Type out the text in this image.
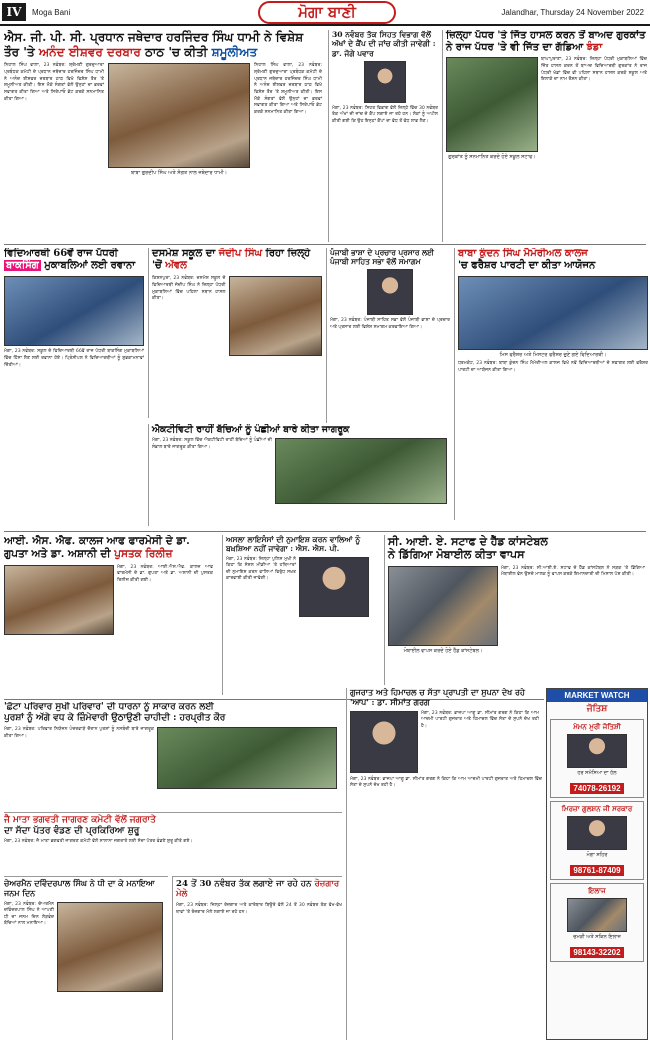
IV	Moga Bani	ਮੋਗਾ ਬਾਣੀ	Jalandhar, Thursday 24 November 2022
ਐਸ. ਜੀ. ਪੀ. ਸੀ. ਪ੍ਰਧਾਨ ਜਥੇਦਾਰ ਹਰਜਿੰਦਰ ਸਿੰਘ ਧਾਮੀ ਨੇ ਵਿਸ਼ੇਸ਼
ਤੌਰ 'ਤੇ ਅਨੰਦ ਈਸ਼ਵਰ ਦਰਬਾਰ ਠਾਠ 'ਚ ਕੀਤੀ ਸ਼ਮੂਲੀਅਤ
ਨਿਹਾਲ ਸਿੰਘ ਵਾਲਾ, 23 ਨਵੰਬਰ: ਸ਼੍ਰੋਮਣੀ ਗੁਰਦੁਆਰਾ ਪ੍ਰਬੰਧਕ ਕਮੇਟੀ ਦੇ ਪ੍ਰਧਾਨ ਜਥੇਦਾਰ ਹਰਜਿੰਦਰ ਸਿੰਘ ਧਾਮੀ ਨੇ ਅਨੰਦ ਈਸ਼ਵਰ ਦਰਬਾਰ ਠਾਠ ਵਿਖੇ ਵਿਸ਼ੇਸ਼ ਤੌਰ 'ਤੇ ਸ਼ਮੂਲੀਅਤ ਕੀਤੀ। ਇਸ ਮੌਕੇ ਸੰਗਤਾਂ ਵੱਲੋਂ ਉਨ੍ਹਾਂ ਦਾ ਭਰਵਾਂ ਸਵਾਗਤ ਕੀਤਾ ਗਿਆ ਅਤੇ ਸਿਰੋਪਾਓ ਭੇਟ ਕਰਕੇ ਸਨਮਾਨਿਤ ਕੀਤਾ ਗਿਆ।
ਬਾਬਾ ਗੁਰਦੀਪ ਸਿੰਘ ਅਤੇ ਸੰਗਤ ਨਾਲ ਜਥੇਦਾਰ ਧਾਮੀ।
ਨਿਹਾਲ ਸਿੰਘ ਵਾਲਾ, 23 ਨਵੰਬਰ: ਸ਼੍ਰੋਮਣੀ ਗੁਰਦੁਆਰਾ ਪ੍ਰਬੰਧਕ ਕਮੇਟੀ ਦੇ ਪ੍ਰਧਾਨ ਜਥੇਦਾਰ ਹਰਜਿੰਦਰ ਸਿੰਘ ਧਾਮੀ ਨੇ ਅਨੰਦ ਈਸ਼ਵਰ ਦਰਬਾਰ ਠਾਠ ਵਿਖੇ ਵਿਸ਼ੇਸ਼ ਤੌਰ 'ਤੇ ਸ਼ਮੂਲੀਅਤ ਕੀਤੀ। ਇਸ ਮੌਕੇ ਸੰਗਤਾਂ ਵੱਲੋਂ ਉਨ੍ਹਾਂ ਦਾ ਭਰਵਾਂ ਸਵਾਗਤ ਕੀਤਾ ਗਿਆ ਅਤੇ ਸਿਰੋਪਾਓ ਭੇਟ ਕਰਕੇ ਸਨਮਾਨਿਤ ਕੀਤਾ ਗਿਆ।
30 ਨਵੰਬਰ ਤੱਕ ਸਿਹਤ ਵਿਭਾਗ ਵੱਲੋਂ ਅੱਖਾਂ ਦੇ ਕੈਂਪ ਦੀ ਜਾਂਚ ਕੀਤੀ ਜਾਵੇਗੀ : ਡਾ. ਜੋਗੇ ਪਵਾਰ
ਮੋਗਾ, 23 ਨਵੰਬਰ: ਸਿਹਤ ਵਿਭਾਗ ਵੱਲੋਂ ਜ਼ਿਲ੍ਹੇ ਵਿੱਚ 30 ਨਵੰਬਰ ਤੱਕ ਅੱਖਾਂ ਦੀ ਜਾਂਚ ਦੇ ਕੈਂਪ ਲਗਾਏ ਜਾ ਰਹੇ ਹਨ। ਲੋਕਾਂ ਨੂੰ ਅਪੀਲ ਕੀਤੀ ਗਈ ਕਿ ਉਹ ਇਨ੍ਹਾਂ ਕੈਂਪਾਂ ਦਾ ਵੱਧ ਤੋਂ ਵੱਧ ਲਾਭ ਲੈਣ।
ਜ਼ਿਲ੍ਹਾ ਪੱਧਰ 'ਤੇ ਜਿੱਤ ਹਾਸਲ ਕਰਨ ਤੋਂ ਬਾਅਦ ਗੁਰਕਾਂਤ
ਨੇ ਰਾਜ ਪੱਧਰ 'ਤੇ ਵੀ ਜਿੱਤ ਦਾ ਗੱਡਿਆ ਝੰਡਾ
ਗੁਰਕਾਂਤ ਨੂੰ ਸਨਮਾਨਿਤ ਕਰਦੇ ਹੋਏ ਸਕੂਲ ਸਟਾਫ।
ਬਾਘਾਪੁਰਾਣਾ, 23 ਨਵੰਬਰ: ਜ਼ਿਲ੍ਹਾ ਪੱਧਰੀ ਮੁਕਾਬਲਿਆਂ ਵਿੱਚ ਜਿੱਤ ਹਾਸਲ ਕਰਨ ਤੋਂ ਬਾਅਦ ਵਿਦਿਆਰਥੀ ਗੁਰਕਾਂਤ ਨੇ ਰਾਜ ਪੱਧਰੀ ਖੇਡਾਂ ਵਿੱਚ ਵੀ ਪਹਿਲਾ ਸਥਾਨ ਹਾਸਲ ਕਰਕੇ ਸਕੂਲ ਅਤੇ ਇਲਾਕੇ ਦਾ ਨਾਮ ਰੌਸ਼ਨ ਕੀਤਾ।
ਵਿਦਿਆਰਥੀ 66ਵੇਂ ਰਾਜ ਪੱਧਰੀ
ਬਾਕਸਿੰਗ ਮੁਕਾਬਲਿਆਂ ਲਈ ਰਵਾਨਾ
ਮੋਗਾ, 23 ਨਵੰਬਰ: ਸਕੂਲ ਦੇ ਵਿਦਿਆਰਥੀ 66ਵੇਂ ਰਾਜ ਪੱਧਰੀ ਬਾਕਸਿੰਗ ਮੁਕਾਬਲਿਆਂ ਵਿੱਚ ਹਿੱਸਾ ਲੈਣ ਲਈ ਰਵਾਨਾ ਹੋਏ। ਪ੍ਰਿੰਸੀਪਲ ਨੇ ਵਿਦਿਆਰਥੀਆਂ ਨੂੰ ਸ਼ੁਭਕਾਮਨਾਵਾਂ ਦਿੱਤੀਆਂ।
ਦਸਮੇਸ਼ ਸਕੂਲ ਦਾ ਜੋਦੀਪ ਸਿੰਘ ਰਿਹਾ ਜ਼ਿਲ੍ਹੇ 'ਚੋਂ ਅੱਵਲ
ਕਿਸ਼ਨਪੁਰਾ, 23 ਨਵੰਬਰ: ਦਸਮੇਸ਼ ਸਕੂਲ ਦੇ ਵਿਦਿਆਰਥੀ ਜੋਦੀਪ ਸਿੰਘ ਨੇ ਜ਼ਿਲ੍ਹਾ ਪੱਧਰੀ ਮੁਕਾਬਲਿਆਂ ਵਿੱਚ ਪਹਿਲਾ ਸਥਾਨ ਹਾਸਲ ਕੀਤਾ।
ਪੰਜਾਬੀ ਭਾਸ਼ਾ ਦੇ ਪ੍ਰਚਾਰ ਪ੍ਰਸਾਰ ਲਈ ਪੰਜਾਬੀ ਸਾਹਿਤ ਸਭਾ ਵੱਲੋਂ ਸਮਾਗਮ
ਮੋਗਾ, 23 ਨਵੰਬਰ: ਪੰਜਾਬੀ ਸਾਹਿਤ ਸਭਾ ਵੱਲੋਂ ਪੰਜਾਬੀ ਭਾਸ਼ਾ ਦੇ ਪ੍ਰਚਾਰ ਅਤੇ ਪ੍ਰਸਾਰ ਲਈ ਵਿਸ਼ੇਸ਼ ਸਮਾਗਮ ਕਰਵਾਇਆ ਗਿਆ।
ਬਾਬਾ ਕੁੰਦਨ ਸਿੰਘ ਮੈਮੋਰੀਅਲ ਕਾਲਜ
'ਚ ਫਰੈਸ਼ਰ ਪਾਰਟੀ ਦਾ ਕੀਤਾ ਆਯੋਜਨ
ਮਿਸ ਫਰੈਸ਼ਰ ਅਤੇ ਮਿਸਟਰ ਫਰੈਸ਼ਰ ਚੁਣੇ ਗਏ ਵਿਦਿਆਰਥੀ।
ਧਰਮਕੋਟ, 23 ਨਵੰਬਰ: ਬਾਬਾ ਕੁੰਦਨ ਸਿੰਘ ਮੈਮੋਰੀਅਲ ਕਾਲਜ ਵਿਖੇ ਨਵੇਂ ਵਿਦਿਆਰਥੀਆਂ ਦੇ ਸਵਾਗਤ ਲਈ ਫਰੈਸ਼ਰ ਪਾਰਟੀ ਦਾ ਆਯੋਜਨ ਕੀਤਾ ਗਿਆ।
ਐਕਟੀਵਿਟੀ ਰਾਹੀਂ ਬੱਚਿਆਂ ਨੂੰ ਪੰਛੀਆਂ ਬਾਰੇ ਕੀਤਾ ਜਾਗਰੂਕ
ਮੋਗਾ, 23 ਨਵੰਬਰ: ਸਕੂਲ ਵਿੱਚ ਐਕਟੀਵਿਟੀ ਰਾਹੀਂ ਬੱਚਿਆਂ ਨੂੰ ਪੰਛੀਆਂ ਦੀ ਸੰਭਾਲ ਬਾਰੇ ਜਾਗਰੂਕ ਕੀਤਾ ਗਿਆ।
ਆਈ. ਐਸ. ਐਫ. ਕਾਲਜ ਆਫ ਫਾਰਮੇਸੀ ਦੇ ਡਾ.
ਗੁਪਤਾ ਅਤੇ ਡਾ. ਅਸ਼ਾਨੀ ਦੀ ਪੁਸਤਕ ਰਿਲੀਜ਼
ਮੋਗਾ, 23 ਨਵੰਬਰ: ਆਈ.ਐਸ.ਐਫ. ਕਾਲਜ ਆਫ ਫਾਰਮੇਸੀ ਦੇ ਡਾ. ਗੁਪਤਾ ਅਤੇ ਡਾ. ਅਸ਼ਾਨੀ ਦੀ ਪੁਸਤਕ ਰਿਲੀਜ਼ ਕੀਤੀ ਗਈ।
ਅਸਲਾ ਲਾਇਸੰਸਾਂ ਦੀ ਨੁਮਾਇਸ਼ ਕਰਨ ਵਾਲਿਆਂ ਨੂੰ ਬਖ਼ਸ਼ਿਆ ਨਹੀਂ ਜਾਵੇਗਾ : ਐਸ. ਐਸ. ਪੀ.
ਮੋਗਾ, 23 ਨਵੰਬਰ: ਜ਼ਿਲ੍ਹਾ ਪੁਲਿਸ ਮੁਖੀ ਨੇ ਕਿਹਾ ਕਿ ਸੋਸ਼ਲ ਮੀਡੀਆ 'ਤੇ ਹਥਿਆਰਾਂ ਦੀ ਨੁਮਾਇਸ਼ ਕਰਨ ਵਾਲਿਆਂ ਵਿਰੁੱਧ ਸਖ਼ਤ ਕਾਰਵਾਈ ਕੀਤੀ ਜਾਵੇਗੀ।
ਸੀ. ਆਈ. ਏ. ਸਟਾਫ ਦੇ ਹੈੱਡ ਕਾਂਸਟੇਬਲ
ਨੇ ਡਿੱਗਿਆ ਮੋਬਾਈਲ ਕੀਤਾ ਵਾਪਸ
ਮੋਬਾਈਲ ਵਾਪਸ ਕਰਦੇ ਹੋਏ ਹੈੱਡ ਕਾਂਸਟੇਬਲ।
ਮੋਗਾ, 23 ਨਵੰਬਰ: ਸੀ.ਆਈ.ਏ. ਸਟਾਫ ਦੇ ਹੈੱਡ ਕਾਂਸਟੇਬਲ ਨੇ ਸੜਕ 'ਤੇ ਡਿੱਗਿਆ ਮੋਬਾਈਲ ਫੋਨ ਉਸਦੇ ਮਾਲਕ ਨੂੰ ਵਾਪਸ ਕਰਕੇ ਇਮਾਨਦਾਰੀ ਦੀ ਮਿਸਾਲ ਪੇਸ਼ ਕੀਤੀ।
'ਛੋਟਾ ਪਰਿਵਾਰ ਸੁਖੀ ਪਰਿਵਾਰ' ਦੀ ਧਾਰਨਾ ਨੂੰ ਸਾਕਾਰ ਕਰਨ ਲਈ
ਪੁਰਸ਼ਾਂ ਨੂੰ ਅੱਗੇ ਵਧ ਕੇ ਜ਼ਿੰਮੇਵਾਰੀ ਉਠਾਉਣੀ ਚਾਹੀਦੀ : ਹਰਪ੍ਰੀਤ ਕੌਰ
ਮੋਗਾ, 23 ਨਵੰਬਰ: ਪਰਿਵਾਰ ਨਿਯੋਜਨ ਪੰਦਰਵਾੜੇ ਦੌਰਾਨ ਪੁਰਸ਼ਾਂ ਨੂੰ ਨਸਬੰਦੀ ਬਾਰੇ ਜਾਗਰੂਕ ਕੀਤਾ ਗਿਆ।
ਗੁਜਰਾਤ ਅਤੇ ਹਿਮਾਚਲ ਚ ਸੱਤਾ ਪ੍ਰਾਪਤੀ ਦਾ ਸੁਪਨਾ ਦੇਖ ਰਹੇ 'ਆਪ' : ਡਾ. ਸੀਮਾਂਤ ਗਰਗ
ਮੋਗਾ, 23 ਨਵੰਬਰ: ਭਾਜਪਾ ਆਗੂ ਡਾ. ਸੀਮਾਂਤ ਗਰਗ ਨੇ ਕਿਹਾ ਕਿ ਆਮ ਆਦਮੀ ਪਾਰਟੀ ਗੁਜਰਾਤ ਅਤੇ ਹਿਮਾਚਲ ਵਿੱਚ ਸੱਤਾ ਦੇ ਸੁਪਨੇ ਦੇਖ ਰਹੀ ਹੈ।
ਮੋਗਾ, 23 ਨਵੰਬਰ: ਭਾਜਪਾ ਆਗੂ ਡਾ. ਸੀਮਾਂਤ ਗਰਗ ਨੇ ਕਿਹਾ ਕਿ ਆਮ ਆਦਮੀ ਪਾਰਟੀ ਗੁਜਰਾਤ ਅਤੇ ਹਿਮਾਚਲ ਵਿੱਚ ਸੱਤਾ ਦੇ ਸੁਪਨੇ ਦੇਖ ਰਹੀ ਹੈ।
ਜੈ ਮਾਤਾ ਭਗਵਤੀ ਜਾਗਰਣ ਕਮੇਟੀ ਵੱਲੋਂ ਜਗਰਾਤੇ
ਦਾ ਸੱਦਾ ਪੱਤਰ ਵੰਡਣ ਦੀ ਪ੍ਰਕਿਰਿਆ ਸ਼ੁਰੂ
ਮੋਗਾ, 23 ਨਵੰਬਰ: ਜੈ ਮਾਤਾ ਭਗਵਤੀ ਜਾਗਰਣ ਕਮੇਟੀ ਵੱਲੋਂ ਸਾਲਾਨਾ ਜਗਰਾਤੇ ਲਈ ਸੱਦਾ ਪੱਤਰ ਵੰਡਣੇ ਸ਼ੁਰੂ ਕੀਤੇ ਗਏ।
ਚੇਅਰਮੈਨ ਦਵਿੰਦਰਪਾਲ ਸਿੰਘ ਨੇ ਧੀ ਦਾ ਕੇ ਮਨਾਇਆ ਜਨਮ ਦਿਨ
ਮੋਗਾ, 23 ਨਵੰਬਰ: ਚੇਅਰਮੈਨ ਦਵਿੰਦਰਪਾਲ ਸਿੰਘ ਨੇ ਆਪਣੀ ਧੀ ਦਾ ਜਨਮ ਦਿਨ ਲੋੜਵੰਦ ਬੱਚਿਆਂ ਨਾਲ ਮਨਾਇਆ।
24 ਤੋਂ 30 ਨਵੰਬਰ ਤੱਕ ਲਗਾਏ ਜਾ ਰਹੇ ਹਨ ਰੋਜ਼ਗਾਰ ਮੇਲੇ
ਮੋਗਾ, 23 ਨਵੰਬਰ: ਜ਼ਿਲ੍ਹਾ ਰੋਜ਼ਗਾਰ ਅਤੇ ਕਾਰੋਬਾਰ ਬਿਊਰੋ ਵੱਲੋਂ 24 ਤੋਂ 30 ਨਵੰਬਰ ਤੱਕ ਵੱਖ-ਵੱਖ ਥਾਵਾਂ 'ਤੇ ਰੋਜ਼ਗਾਰ ਮੇਲੇ ਲਗਾਏ ਜਾ ਰਹੇ ਹਨ।
MARKET WATCH
ਜੋਤਿਸ਼
ਮੇਮਨ ਮੁਰੀ ਜੋਤਿਸ਼ੀ
ਹਰ ਸਮੱਸਿਆ ਦਾ ਹੱਲ
74078-26192
ਮਿਰਜ਼ਾ ਗੁਲਸ਼ਨ ਜੀ ਸਰਕਾਰ
ਮੋਗਾ ਸ਼ਹਿਰ
98761-87409
ਇਲਾਜ
ਚਮੜੀ ਅਤੇ ਸਕਿਨ ਇਲਾਜ
98143-32202
